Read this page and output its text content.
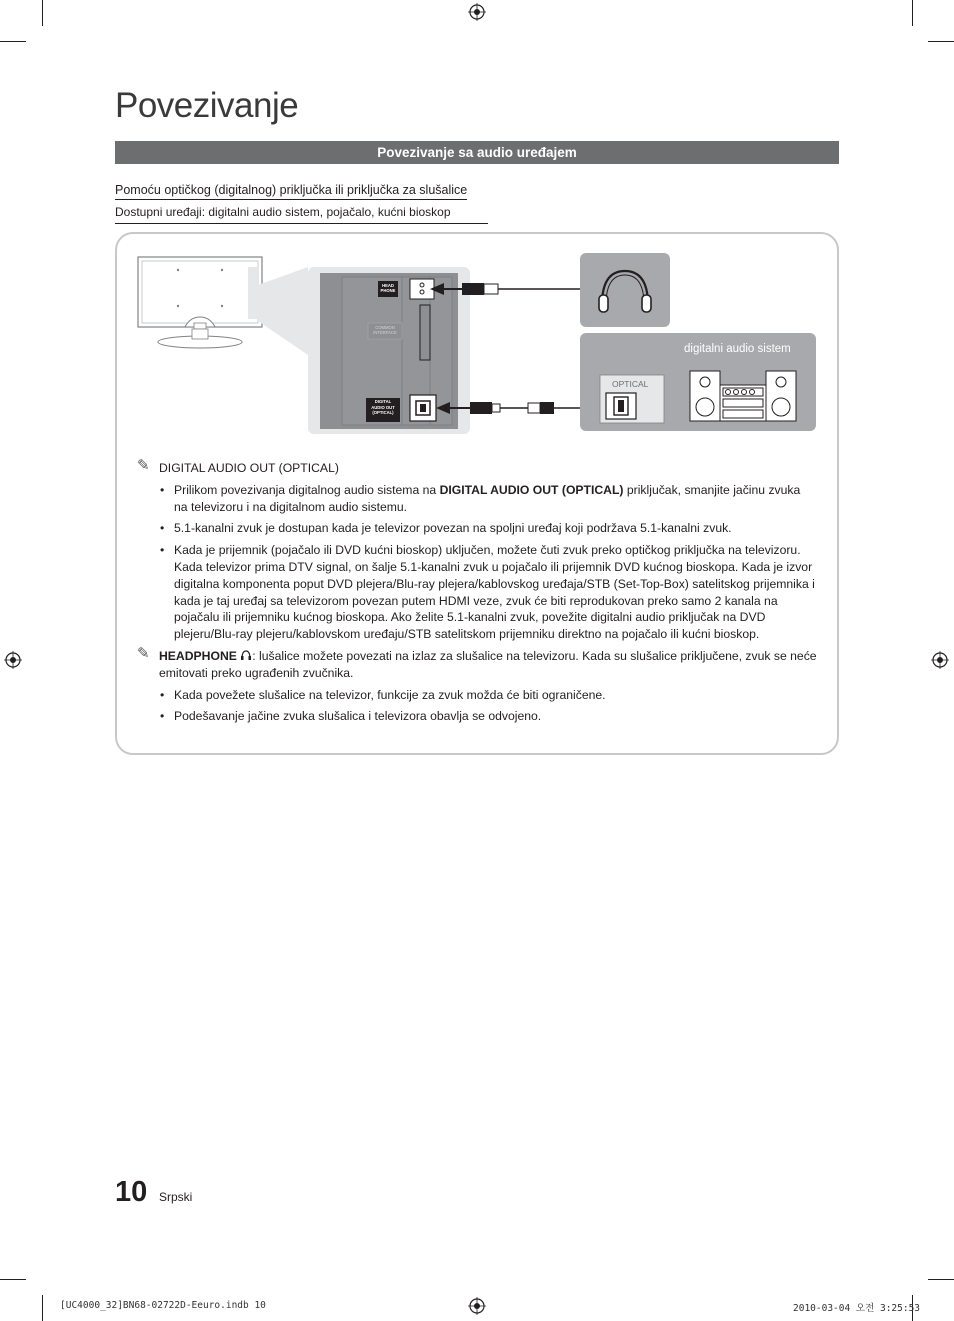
Povezivanje
Povezivanje sa audio uređajem
Pomoću optičkog (digitalnog) priključka ili priključka za slušalice
Dostupni uređaji: digitalni audio sistem, pojačalo, kućni bioskop
HEAD
PHONE
COMMON
INTERFACE
DIGITAL
AUDIO OUT
(OPTICAL)
digitalni audio sistem
OPTICAL
✎ DIGITAL AUDIO OUT (OPTICAL)
• Prilikom povezivanja digitalnog audio sistema na DIGITAL AUDIO OUT (OPTICAL) priključak, smanjite jačinu zvuka na televizoru i na digitalnom audio sistemu.
• 5.1-kanalni zvuk je dostupan kada je televizor povezan na spoljni uređaj koji podržava 5.1-kanalni zvuk.
• Kada je prijemnik (pojačalo ili DVD kućni bioskop) uključen, možete čuti zvuk preko optičkog priključka na televizoru. Kada televizor prima DTV signal, on šalje 5.1-kanalni zvuk u pojačalo ili prijemnik DVD kućnog bioskopa. Kada je izvor digitalna komponenta poput DVD plejera/Blu-ray plejera/kablovskog uređaja/STB (Set-Top-Box) satelitskog prijemnika i kada je taj uređaj sa televizorom povezan putem HDMI veze, zvuk će biti reprodukovan preko samo 2 kanala na pojačalu ili prijemniku kućnog bioskopa. Ako želite 5.1-kanalni zvuk, povežite digitalni audio priključak na DVD plejeru/Blu-ray plejeru/kablovskom uređaju/STB satelitskom prijemniku direktno na pojačalo ili kućni bioskop.
✎ HEADPHONE : lušalice možete povezati na izlaz za slušalice na televizoru. Kada su slušalice priključene, zvuk se neće emitovati preko ugrađenih zvučnika.
• Kada povežete slušalice na televizor, funkcije za zvuk možda će biti ograničene.
• Podešavanje jačine zvuka slušalica i televizora obavlja se odvojeno.
10 Srpski
[UC4000_32]BN68-02722D-Eeuro.indb 10	2010-03-04 오전 3:25:53
